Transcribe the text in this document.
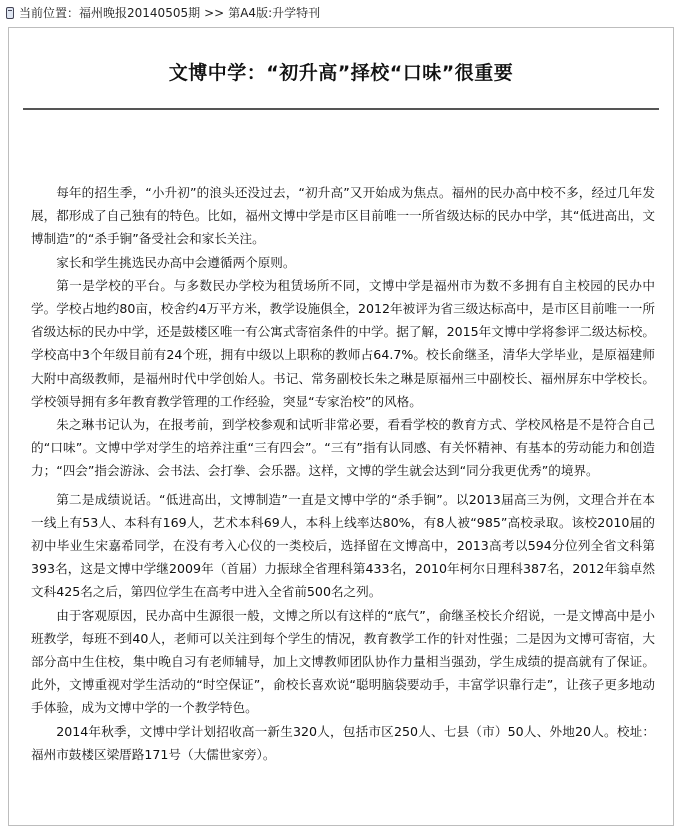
当前位置： 福州晚报20140505期 >> 第A4版:升学特刊
文博中学：“初升高”择校“口味”很重要

每年的招生季，“小升初”的浪头还没过去，“初升高”又开始成为焦点。福州的民办高中校不多，经过几年发展，都形成了自己独有的特色。比如，福州文博中学是市区目前唯一一所省级达标的民办中学，其“低进高出，文博制造”的“杀手锏”备受社会和家长关注。

家长和学生挑选民办高中会遵循两个原则。

第一是学校的平台。与多数民办学校为租赁场所不同，文博中学是福州市为数不多拥有自主校园的民办中学。学校占地约80亩，校舍约4万平方米，教学设施俱全，2012年被评为省三级达标高中，是市区目前唯一一所省级达标的民办中学，还是鼓楼区唯一有公寓式寄宿条件的中学。据了解，2015年文博中学将参评二级达标校。学校高中3个年级目前有24个班，拥有中级以上职称的教师占64.7%。校长俞继圣，清华大学毕业，是原福建师大附中高级教师，是福州时代中学创始人。书记、常务副校长朱之琳是原福州三中副校长、福州屏东中学校长。学校领导拥有多年教育教学管理的工作经验，突显“专家治校”的风格。

朱之琳书记认为，在报考前，到学校参观和试听非常必要，看看学校的教育方式、学校风格是不是符合自己的“口味”。文博中学对学生的培养注重“三有四会”。“三有”指有认同感、有关怀精神、有基本的劳动能力和创造力；“四会”指会游泳、会书法、会打拳、会乐器。这样，文博的学生就会达到“同分我更优秀”的境界。

第二是成绩说话。“低进高出，文博制造”一直是文博中学的“杀手锏”。以2013届高三为例，文理合并在本一线上有53人、本科有169人，艺术本科69人，本科上线率达80%，有8人被“985”高校录取。该校2010届的初中毕业生宋嘉希同学，在没有考入心仪的一类校后，选择留在文博高中，2013高考以594分位列全省文科第393名，这是文博中学继2009年（首届）力振球全省理科第433名，2010年柯尔日理科387名，2012年翁卓然文科425名之后，第四位学生在高考中进入全省前500名之列。

由于客观原因，民办高中生源很一般，文博之所以有这样的“底气”，俞继圣校长介绍说，一是文博高中是小班教学，每班不到40人，老师可以关注到每个学生的情况，教育教学工作的针对性强；二是因为文博可寄宿，大部分高中生住校，集中晚自习有老师辅导，加上文博教师团队协作力量相当强劲，学生成绩的提高就有了保证。此外，文博重视对学生活动的“时空保证”，俞校长喜欢说“聪明脑袋要动手，丰富学识靠行走”，让孩子更多地动手体验，成为文博中学的一个教学特色。

2014年秋季，文博中学计划招收高一新生320人，包括市区250人、七县（市）50人、外地20人。校址：福州市鼓楼区梁厝路171号（大儒世家旁）。
